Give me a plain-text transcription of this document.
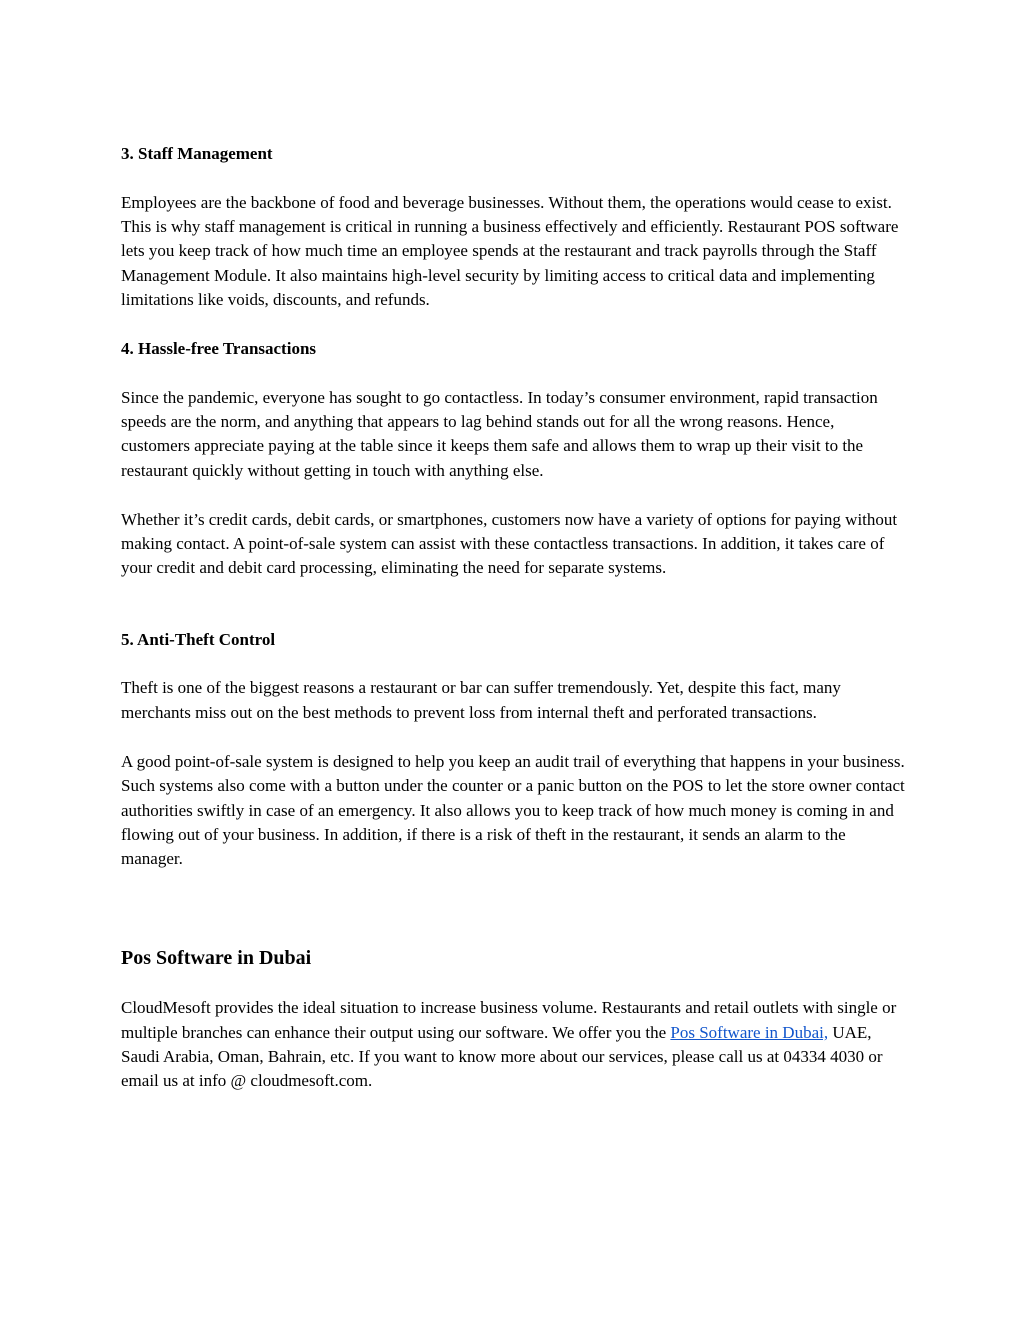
3. Staff Management

Employees are the backbone of food and beverage businesses. Without them, the operations would cease to exist. This is why staff management is critical in running a business effectively and efficiently. Restaurant POS software lets you keep track of how much time an employee spends at the restaurant and track payrolls through the Staff Management Module. It also maintains high-level security by limiting access to critical data and implementing limitations like voids, discounts, and refunds.

4. Hassle-free Transactions

Since the pandemic, everyone has sought to go contactless. In today’s consumer environment, rapid transaction speeds are the norm, and anything that appears to lag behind stands out for all the wrong reasons. Hence, customers appreciate paying at the table since it keeps them safe and allows them to wrap up their visit to the restaurant quickly without getting in touch with anything else.

Whether it’s credit cards, debit cards, or smartphones, customers now have a variety of options for paying without making contact. A point-of-sale system can assist with these contactless transactions. In addition, it takes care of your credit and debit card processing, eliminating the need for separate systems.

5. Anti-Theft Control

Theft is one of the biggest reasons a restaurant or bar can suffer tremendously. Yet, despite this fact, many merchants miss out on the best methods to prevent loss from internal theft and perforated transactions.

A good point-of-sale system is designed to help you keep an audit trail of everything that happens in your business. Such systems also come with a button under the counter or a panic button on the POS to let the store owner contact authorities swiftly in case of an emergency. It also allows you to keep track of how much money is coming in and flowing out of your business. In addition, if there is a risk of theft in the restaurant, it sends an alarm to the manager.

Pos Software in Dubai

CloudMesoft provides the ideal situation to increase business volume. Restaurants and retail outlets with single or multiple branches can enhance their output using our software. We offer you the Pos Software in Dubai, UAE, Saudi Arabia, Oman, Bahrain, etc. If you want to know more about our services, please call us at 04334 4030 or email us at info @ cloudmesoft.com.
